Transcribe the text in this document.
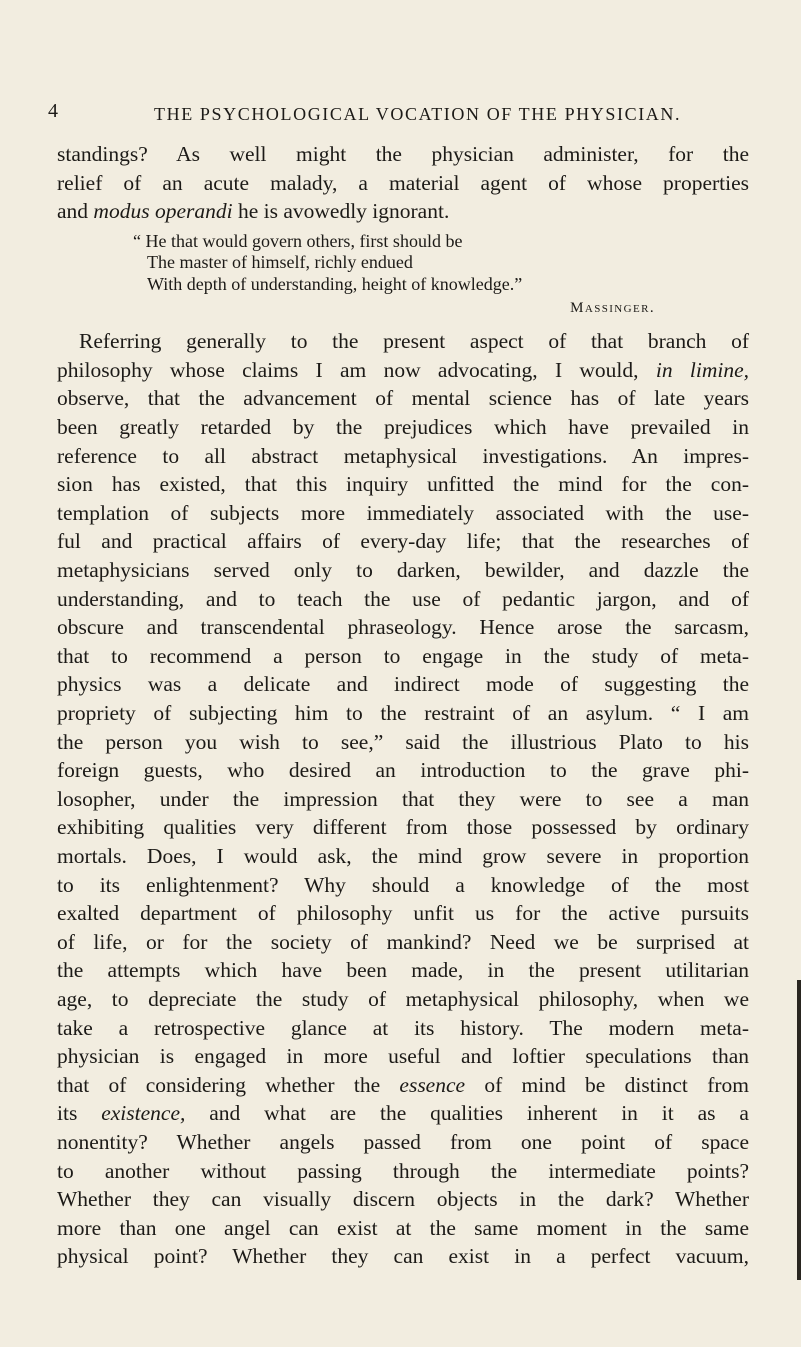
4	THE PSYCHOLOGICAL VOCATION OF THE PHYSICIAN.
standings? As well might the physician administer, for the
relief of an acute malady, a material agent of whose properties
and modus operandi he is avowedly ignorant.
“ He that would govern others, first should be
The master of himself, richly endued
With depth of understanding, height of knowledge.”
Massinger.
Referring generally to the present aspect of that branch of
philosophy whose claims I am now advocating, I would, in limine,
observe, that the advancement of mental science has of late years
been greatly retarded by the prejudices which have prevailed in
reference to all abstract metaphysical investigations. An impres-
sion has existed, that this inquiry unfitted the mind for the con-
templation of subjects more immediately associated with the use-
ful and practical affairs of every-day life; that the researches of
metaphysicians served only to darken, bewilder, and dazzle the
understanding, and to teach the use of pedantic jargon, and of
obscure and transcendental phraseology. Hence arose the sarcasm,
that to recommend a person to engage in the study of meta-
physics was a delicate and indirect mode of suggesting the
propriety of subjecting him to the restraint of an asylum. “ I am
the person you wish to see,” said the illustrious Plato to his
foreign guests, who desired an introduction to the grave phi-
losopher, under the impression that they were to see a man
exhibiting qualities very different from those possessed by ordinary
mortals. Does, I would ask, the mind grow severe in proportion
to its enlightenment? Why should a knowledge of the most
exalted department of philosophy unfit us for the active pursuits
of life, or for the society of mankind? Need we be surprised at
the attempts which have been made, in the present utilitarian
age, to depreciate the study of metaphysical philosophy, when we
take a retrospective glance at its history. The modern meta-
physician is engaged in more useful and loftier speculations than
that of considering whether the essence of mind be distinct from
its existence, and what are the qualities inherent in it as a
nonentity? Whether angels passed from one point of space
to another without passing through the intermediate points?
Whether they can visually discern objects in the dark? Whether
more than one angel can exist at the same moment in the same
physical point? Whether they can exist in a perfect vacuum,
